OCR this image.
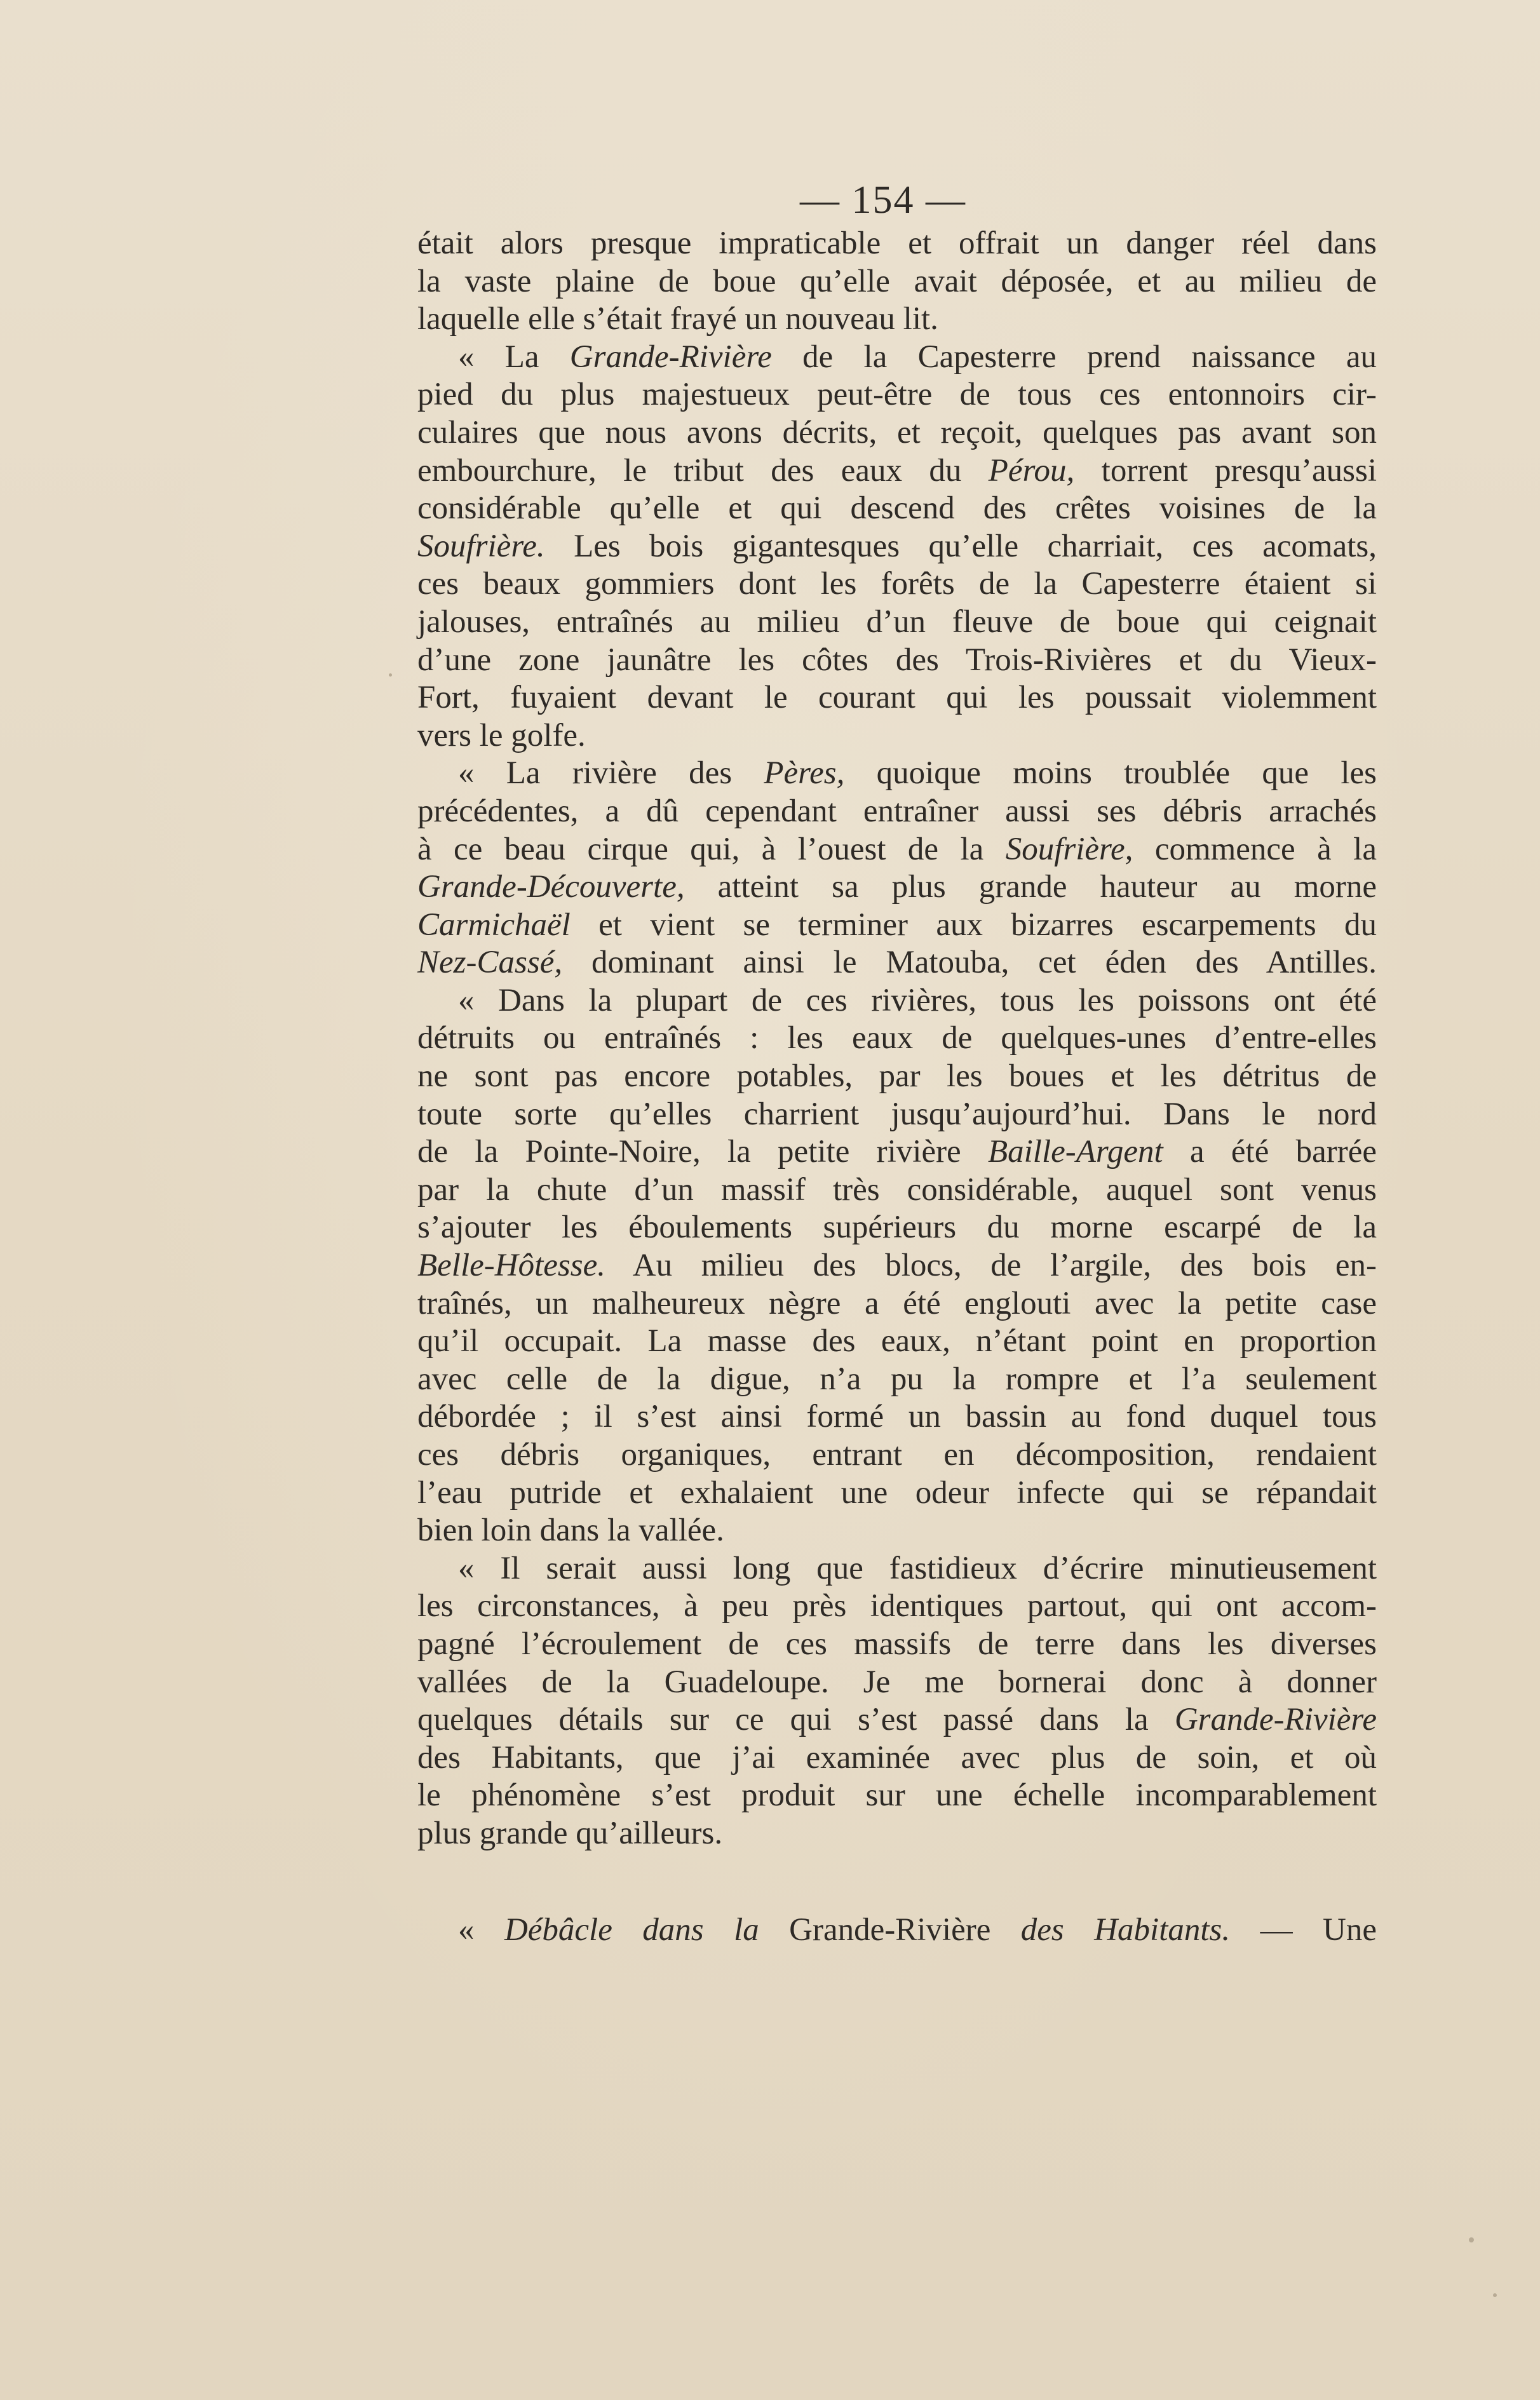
— 154 —
était alors presque impraticable et offrait un danger réel dans
la vaste plaine de boue qu’elle avait déposée, et au milieu de
laquelle elle s’était frayé un nouveau lit.
« La Grande-Rivière de la Capesterre prend naissance au
pied du plus majestueux peut-être de tous ces entonnoirs cir-
culaires que nous avons décrits, et reçoit, quelques pas avant son
embourchure, le tribut des eaux du Pérou, torrent presqu’aussi
considérable qu’elle et qui descend des crêtes voisines de la
Soufrière. Les bois gigantesques qu’elle charriait, ces acomats,
ces beaux gommiers dont les forêts de la Capesterre étaient si
jalouses, entraînés au milieu d’un fleuve de boue qui ceignait
d’une zone jaunâtre les côtes des Trois-Rivières et du Vieux-
Fort, fuyaient devant le courant qui les poussait violemment
vers le golfe.
« La rivière des Pères, quoique moins troublée que les
précédentes, a dû cependant entraîner aussi ses débris arrachés
à ce beau cirque qui, à l’ouest de la Soufrière, commence à la
Grande-Découverte, atteint sa plus grande hauteur au morne
Carmichaël et vient se terminer aux bizarres escarpements du
Nez-Cassé, dominant ainsi le Matouba, cet éden des Antilles.
« Dans la plupart de ces rivières, tous les poissons ont été
détruits ou entraînés : les eaux de quelques-unes d’entre-elles
ne sont pas encore potables, par les boues et les détritus de
toute sorte qu’elles charrient jusqu’aujourd’hui. Dans le nord
de la Pointe-Noire, la petite rivière Baille-Argent a été barrée
par la chute d’un massif très considérable, auquel sont venus
s’ajouter les éboulements supérieurs du morne escarpé de la
Belle-Hôtesse. Au milieu des blocs, de l’argile, des bois en-
traînés, un malheureux nègre a été englouti avec la petite case
qu’il occupait. La masse des eaux, n’étant point en proportion
avec celle de la digue, n’a pu la rompre et l’a seulement
débordée ; il s’est ainsi formé un bassin au fond duquel tous
ces débris organiques, entrant en décomposition, rendaient
l’eau putride et exhalaient une odeur infecte qui se répandait
bien loin dans la vallée.
« Il serait aussi long que fastidieux d’écrire minutieusement
les circonstances, à peu près identiques partout, qui ont accom-
pagné l’écroulement de ces massifs de terre dans les diverses
vallées de la Guadeloupe. Je me bornerai donc à donner
quelques détails sur ce qui s’est passé dans la Grande-Rivière
des Habitants, que j’ai examinée avec plus de soin, et où
le phénomène s’est produit sur une échelle incomparablement
plus grande qu’ailleurs.
« Débâcle dans la Grande-Rivière des Habitants. — Une
